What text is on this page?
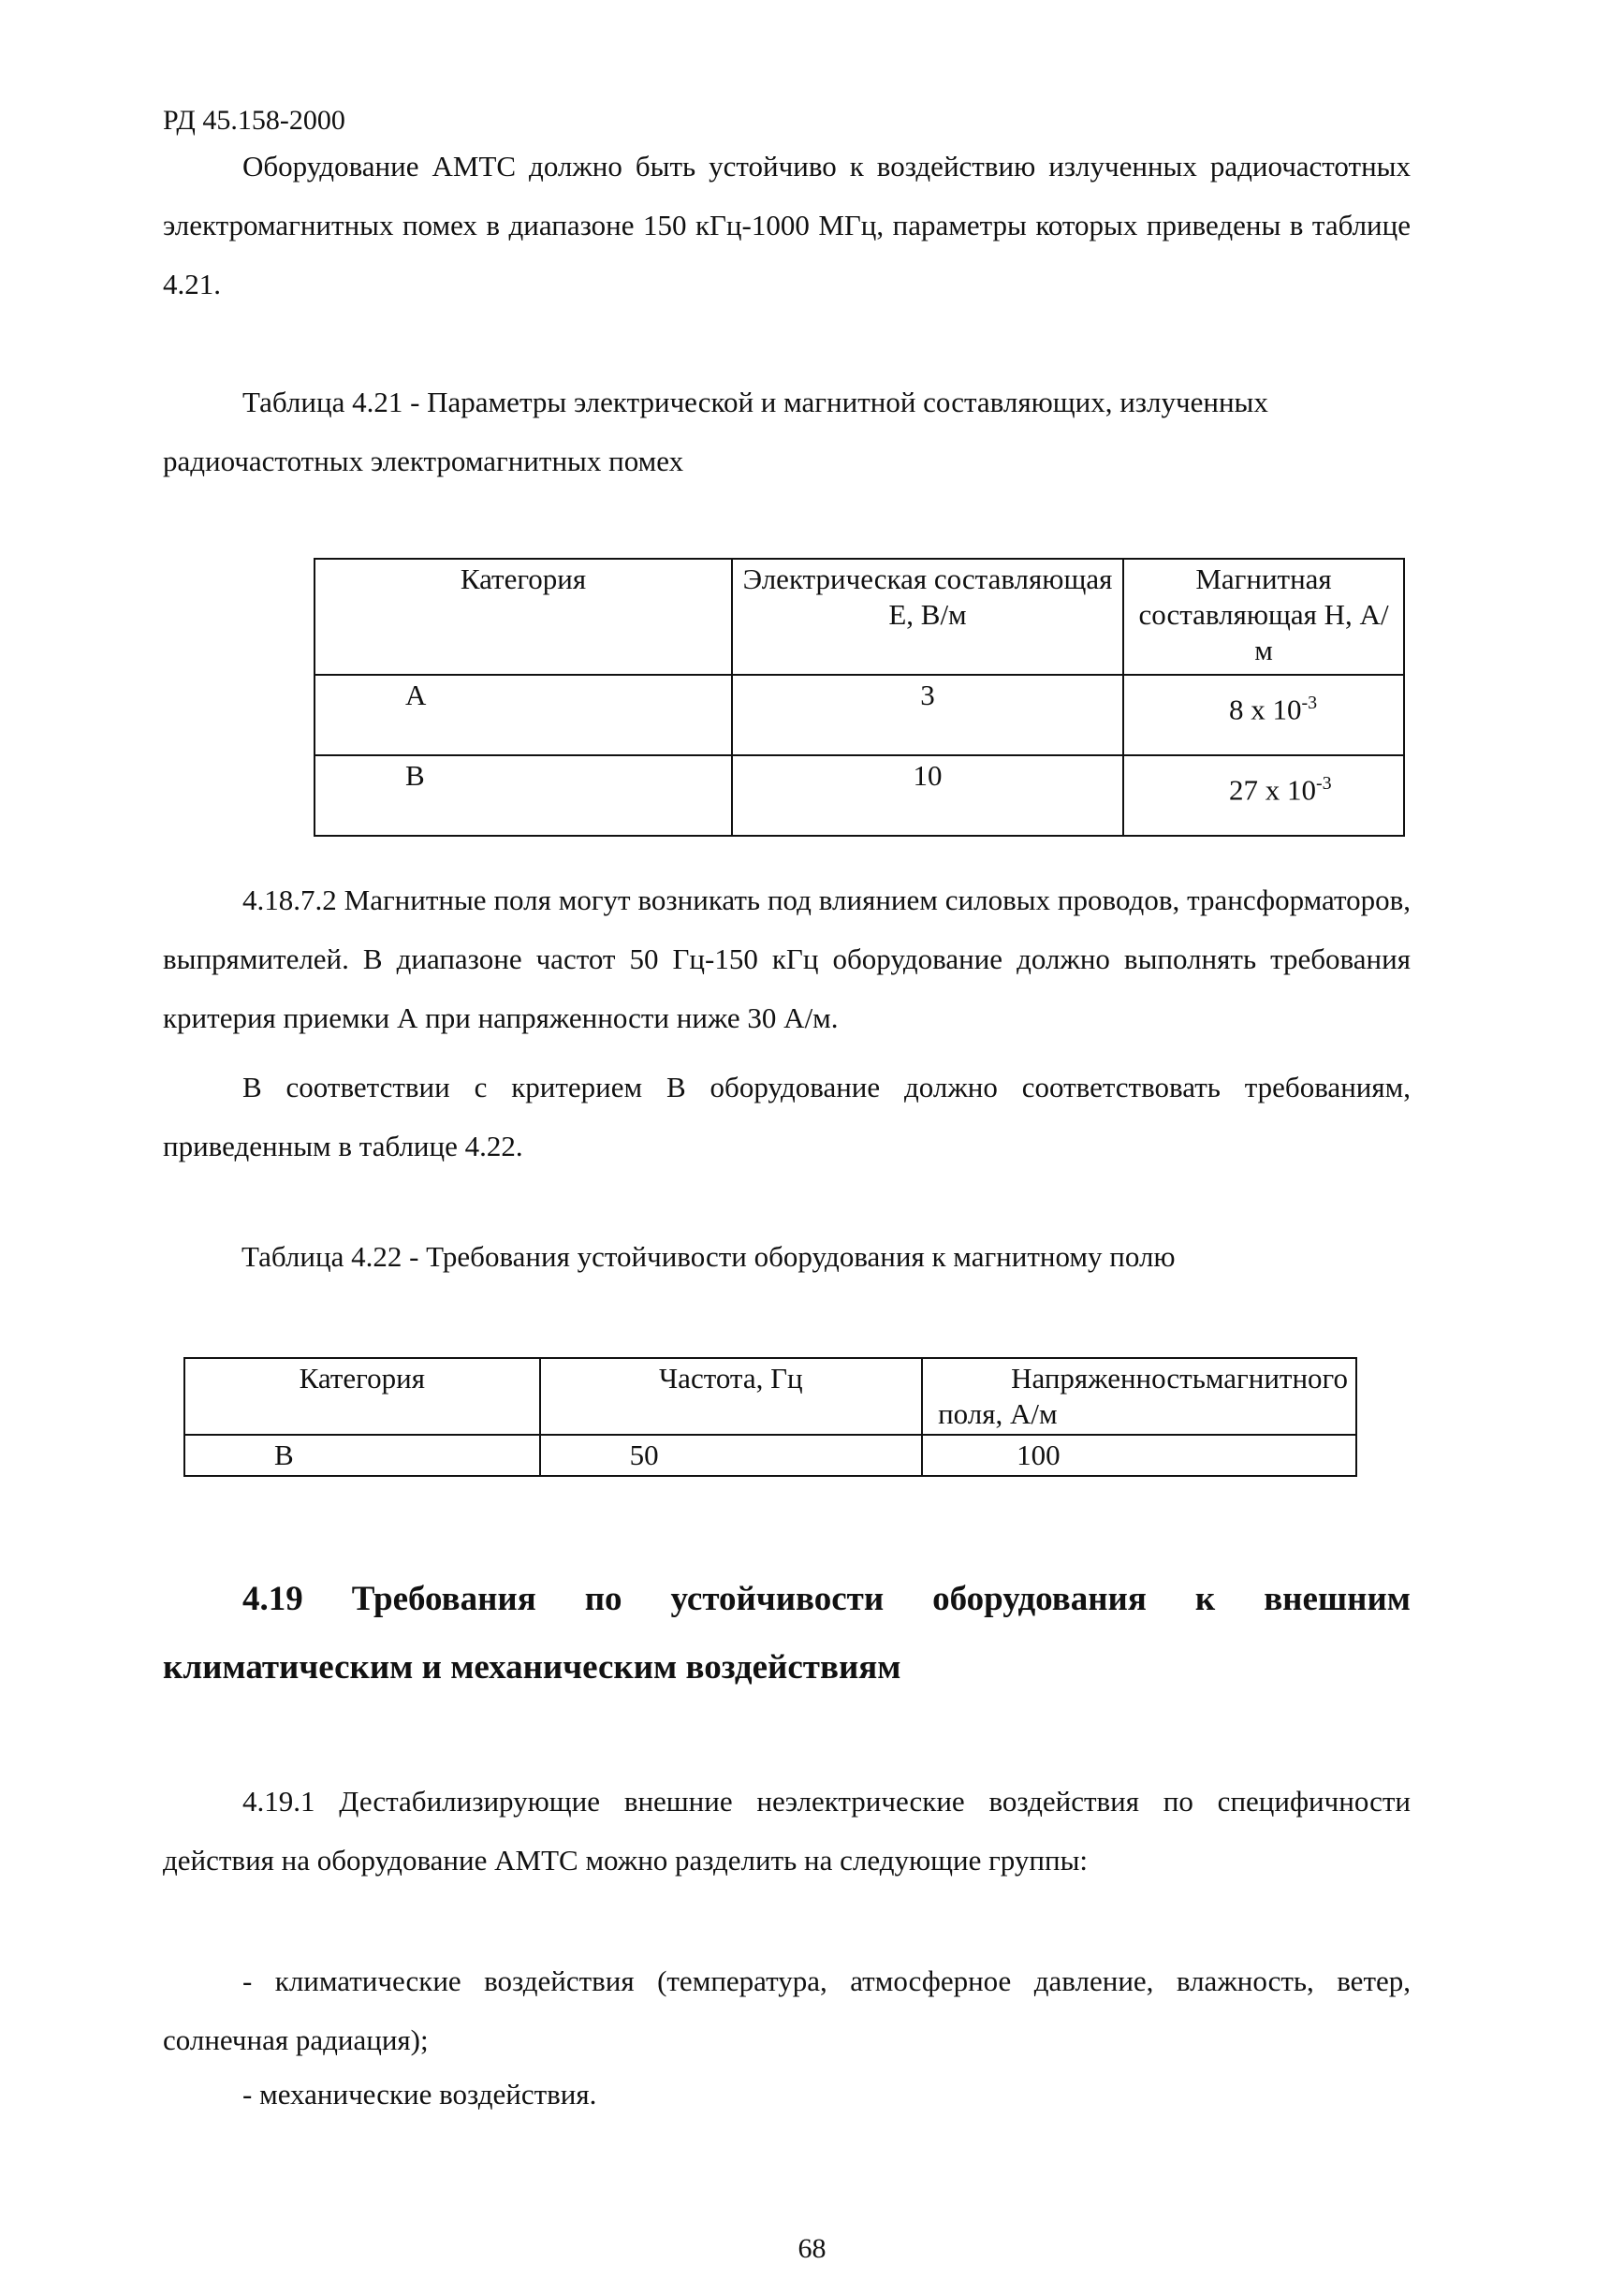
РД 45.158-2000
Оборудование АМТС должно быть устойчиво к воздействию излученных радиочастотных электромагнитных помех в диапазоне 150 кГц-1000 МГц, параметры которых приведены в таблице 4.21.
Таблица 4.21 - Параметры электрической и магнитной составляющих, излученных радиочастотных электромагнитных помех
Категория	Электрическая составляющая Е, В/м	Магнитная составляющая Н, А/м
А	3	8 х $10^{-3}$
В	10	27 х $10^{-3}$
4.18.7.2 Магнитные поля могут возникать под влиянием силовых проводов, трансформаторов, выпрямителей. В диапазоне частот 50 Гц-150 кГц оборудование должно выполнять требования критерия приемки А при напряженности ниже 30 А/м.
В соответствии с критерием В оборудование должно соответствовать требованиям, приведенным в таблице 4.22.
Таблица 4.22 - Требования устойчивости оборудования к магнитному полю
Категория	Частота, Гц	Напряженность магнитного
поля, А/м

В	50	100
4.19 Требования по устойчивости оборудования к внешним климатическим и механическим воздействиям
4.19.1 Дестабилизирующие внешние неэлектрические воздействия по специфичности действия на оборудование АМТС можно разделить на следующие группы:
- климатические воздействия (температура, атмосферное давление, влажность, ветер, солнечная радиация);
- механические воздействия.
68
